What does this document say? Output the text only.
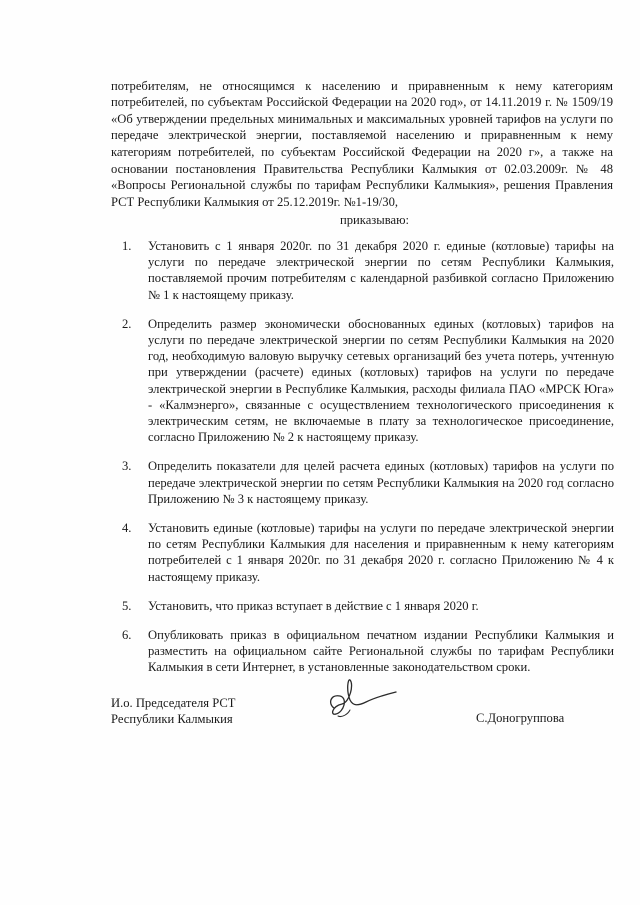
потребителям, не относящимся к населению и приравненным к нему категориям потребителей, по субъектам Российской Федерации на 2020 год», от 14.11.2019 г. № 1509/19 «Об утверждении предельных минимальных и максимальных уровней тарифов на услуги по передаче электрической энергии, поставляемой населению и приравненным к нему категориям потребителей, по субъектам Российской Федерации на 2020 г», а также на основании постановления Правительства Республики Калмыкия от 02.03.2009г. № 48 «Вопросы Региональной службы по тарифам Республики Калмыкия», решения Правления РСТ Республики Калмыкия от 25.12.2019г. №1-19/30,

приказываю:
1. Установить с 1 января 2020г. по 31 декабря 2020 г. единые (котловые) тарифы на услуги по передаче электрической энергии по сетям Республики Калмыкия, поставляемой прочим потребителям с календарной разбивкой согласно Приложению № 1 к настоящему приказу.
2. Определить размер экономически обоснованных единых (котловых) тарифов на услуги по передаче электрической энергии по сетям Республики Калмыкия на 2020 год, необходимую валовую выручку сетевых организаций без учета потерь, учтенную при утверждении (расчете) единых (котловых) тарифов на услуги по передаче электрической энергии в Республике Калмыкия, расходы филиала ПАО «МРСК Юга» - «Калмэнерго», связанные с осуществлением технологического присоединения к электрическим сетям, не включаемые в плату за технологическое присоединение, согласно Приложению № 2 к настоящему приказу.
3. Определить показатели для целей расчета единых (котловых) тарифов на услуги по передаче электрической энергии по сетям Республики Калмыкия на 2020 год согласно Приложению № 3 к настоящему приказу.
4. Установить единые (котловые) тарифы на услуги по передаче электрической энергии по сетям Республики Калмыкия для населения и приравненным к нему категориям потребителей с 1 января 2020г. по 31 декабря 2020 г. согласно Приложению № 4 к настоящему приказу.
5. Установить, что приказ вступает в действие с 1 января 2020 г.
6. Опубликовать приказ в официальном печатном издании Республики Калмыкия и разместить на официальном сайте Региональной службы по тарифам Республики Калмыкия в сети Интернет, в установленные законодательством сроки.
И.о. Председателя РСТ
Республики Калмыкия	С.Доногруппова
